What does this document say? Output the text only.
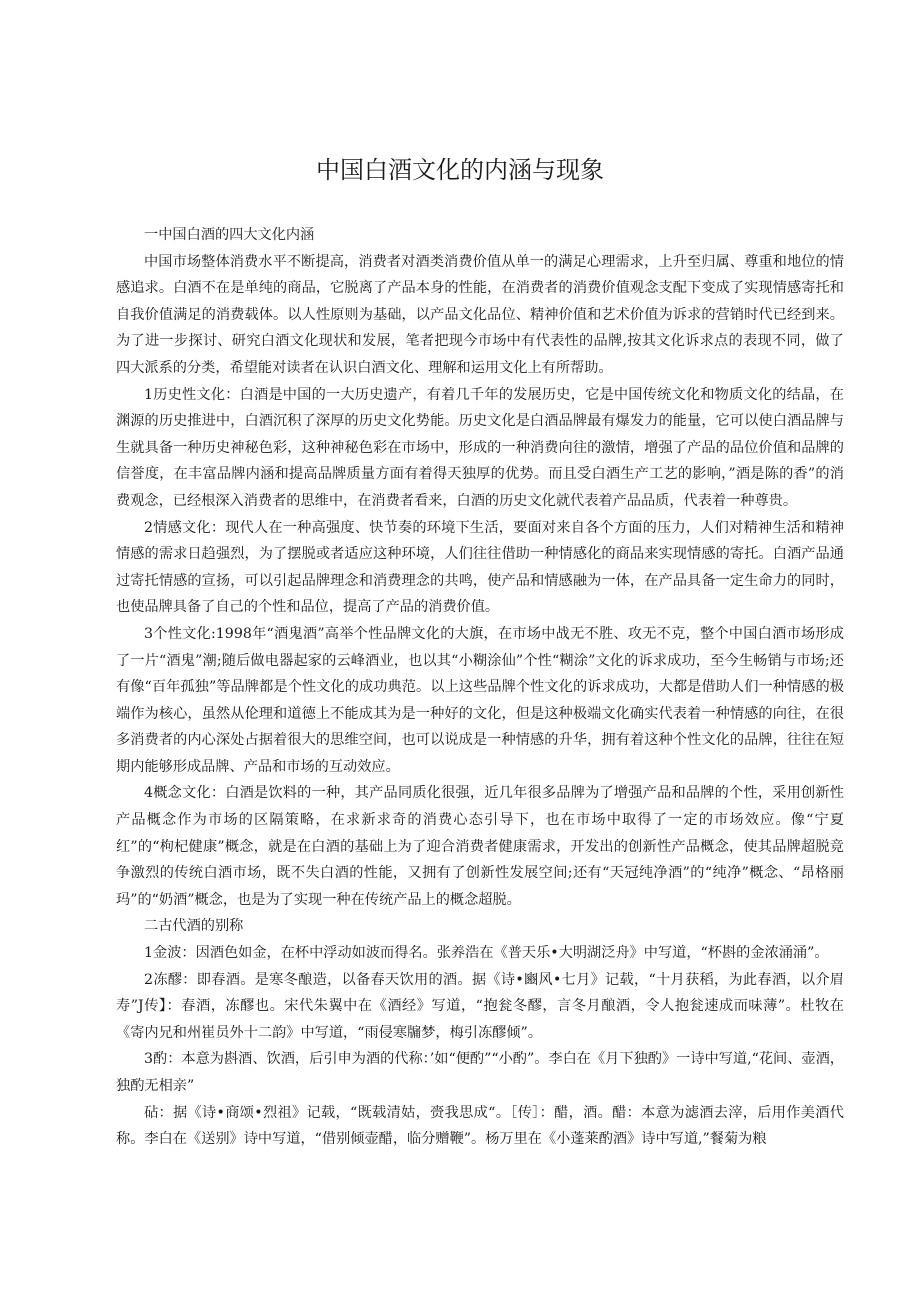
中国白酒文化的内涵与现象

一中国白酒的四大文化内涵

中国市场整体消费水平不断提高，消费者对酒类消费价值从单一的满足心理需求，上升至归属、尊重和地位的情感追求。白酒不在是单纯的商品，它脱离了产品本身的性能，在消费者的消费价值观念支配下变成了实现情感寄托和自我价值满足的消费载体。以人性原则为基础，以产品文化品位、精神价值和艺术价值为诉求的营销时代已经到来。为了进一步探讨、研究白酒文化现状和发展，笔者把现今市场中有代表性的品牌,按其文化诉求点的表现不同，做了四大派系的分类，希望能对读者在认识白酒文化、理解和运用文化上有所帮助。

1历史性文化：白酒是中国的一大历史遗产，有着几千年的发展历史，它是中国传统文化和物质文化的结晶，在渊源的历史推进中，白酒沉积了深厚的历史文化势能。历史文化是白酒品牌最有爆发力的能量，它可以使白酒品牌与生就具备一种历史神秘色彩，这种神秘色彩在市场中，形成的一种消费向往的激情，增强了产品的品位价值和品牌的信誉度，在丰富品牌内涵和提高品牌质量方面有着得天独厚的优势。而且受白酒生产工艺的影响，”酒是陈的香”的消费观念，已经根深入消费者的思维中，在消费者看来，白酒的历史文化就代表着产品品质，代表着一种尊贵。

2情感文化：现代人在一种高强度、快节奏的环境下生活，要面对来自各个方面的压力，人们对精神生活和精神情感的需求日趋强烈，为了摆脱或者适应这种环境，人们往往借助一种情感化的商品来实现情感的寄托。白酒产品通过寄托情感的宣扬，可以引起品牌理念和消费理念的共鸣，使产品和情感融为一体，在产品具备一定生命力的同时，也使品牌具备了自己的个性和品位，提高了产品的消费价值。

3个性文化:1998年“酒鬼酒”高举个性品牌文化的大旗，在市场中战无不胜、攻无不克，整个中国白酒市场形成了一片“酒鬼”潮;随后做电器起家的云峰酒业，也以其“小糊涂仙”个性“糊涂”文化的诉求成功，至今生畅销与市场;还有像“百年孤独”等品牌都是个性文化的成功典范。以上这些品牌个性文化的诉求成功，大都是借助人们一种情感的极端作为核心，虽然从伦理和道德上不能成其为是一种好的文化，但是这种极端文化确实代表着一种情感的向往，在很多消费者的内心深处占据着很大的思维空间，也可以说成是一种情感的升华，拥有着这种个性文化的品牌，往往在短期内能够形成品牌、产品和市场的互动效应。

4概念文化：白酒是饮料的一种，其产品同质化很强，近几年很多品牌为了增强产品和品牌的个性，采用创新性产品概念作为市场的区隔策略，在求新求奇的消费心态引导下，也在市场中取得了一定的市场效应。像“宁夏红”的“枸杞健康”概念，就是在白酒的基础上为了迎合消费者健康需求，开发出的创新性产品概念，使其品牌超脱竞争激烈的传统白酒市场，既不失白酒的性能，又拥有了创新性发展空间;还有“天冠纯净酒”的“纯净”概念、“昂格丽玛”的“奶酒”概念，也是为了实现一种在传统产品上的概念超脱。

二古代酒的别称

1金波：因酒色如金，在杯中浮动如波而得名。张养浩在《普天乐•大明湖泛舟》中写道，“杯斟的金浓涌涌”。

2冻醪：即春酒。是寒冬酿造，以备春天饮用的酒。据《诗•豳风•七月》记载，“十月获稻，为此春酒，以介眉寿”J传】：春酒，冻醪也。宋代朱翼中在《酒经》写道，“抱瓮冬醪，言冬月酿酒，令人抱瓮速成而味薄”。杜牧在《寄内兄和州崔员外十二韵》中写道，“雨侵寒牖梦，梅引冻醪倾”。

3酌：本意为斟酒、饮酒，后引申为酒的代称：’如“便酌”“小酌”。李白在《月下独酌》一诗中写道,“花间、壶酒，独酌无相亲”

砧：据《诗•商颂•烈祖》记载，“既载清姑，赍我思成“。［传］：醋，酒。醋：本意为滤酒去滓，后用作美酒代称。李白在《送别》诗中写道，“借别倾壶醋，临分赠鞭”。杨万里在《小蓬莱酌酒》诗中写道,”餐菊为粮
